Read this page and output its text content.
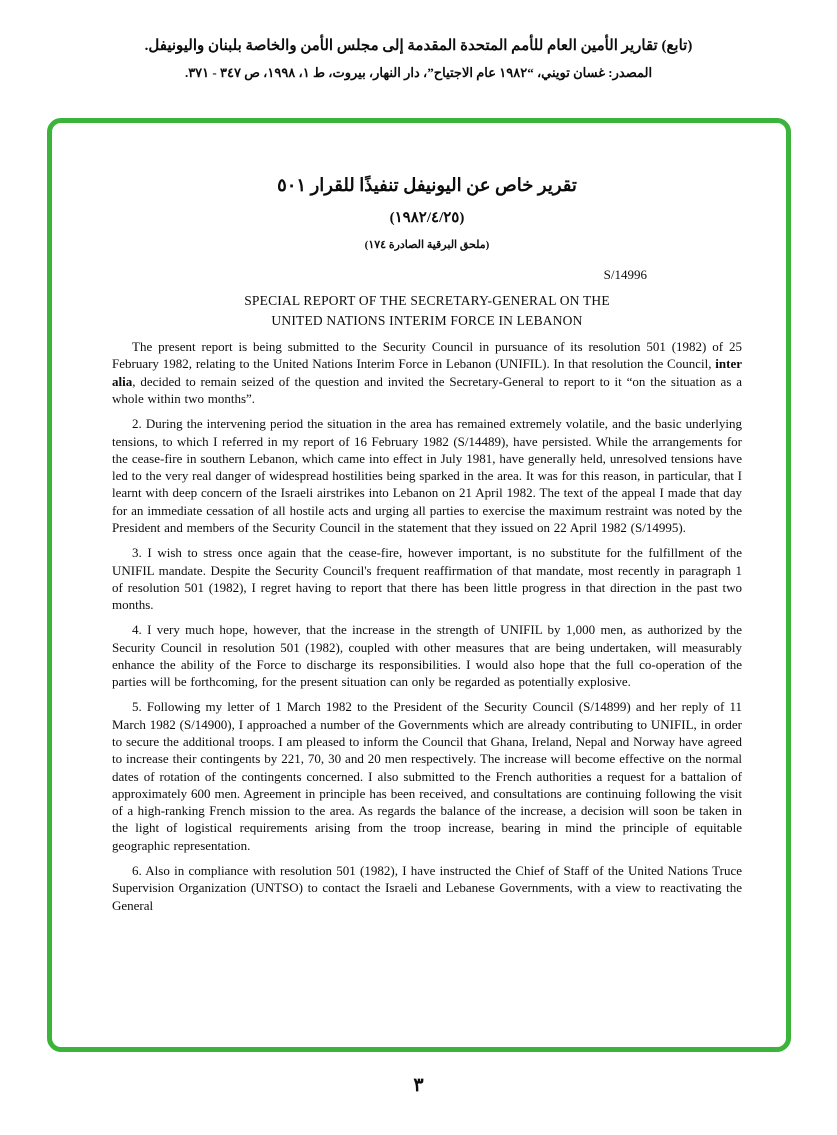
(تابع) تقارير الأمين العام للأمم المتحدة المقدمة إلى مجلس الأمن والخاصة بلبنان واليونيفل.
المصدر: غسان تويني، “١٩٨٢ عام الاجتياح”، دار النهار، بيروت، ط ١، ١٩٩٨، ص ٣٤٧ - ٣٧١.
تقرير خاص عن اليونيفل تنفيذًا للقرار ٥٠١
(١٩٨٢/٤/٢٥)
(ملحق البرقية الصادرة ١٧٤)
S/14996
SPECIAL REPORT OF THE SECRETARY-GENERAL ON THE
UNITED NATIONS INTERIM FORCE IN LEBANON

The present report is being submitted to the Security Council in pursuance of its resolution 501 (1982) of 25 February 1982, relating to the United Nations Interim Force in Lebanon (UNIFIL). In that resolution the Council, inter alia, decided to remain seized of the question and invited the Secretary-General to report to it “on the situation as a whole within two months”.

2. During the intervening period the situation in the area has remained extremely volatile, and the basic underlying tensions, to which I referred in my report of 16 February 1982 (S/14489), have persisted. While the arrangements for the cease-fire in southern Lebanon, which came into effect in July 1981, have generally held, unresolved tensions have led to the very real danger of widespread hostilities being sparked in the area. It was for this reason, in particular, that I learnt with deep concern of the Israeli airstrikes into Lebanon on 21 April 1982. The text of the appeal I made that day for an immediate cessation of all hostile acts and urging all parties to exercise the maximum restraint was noted by the President and members of the Security Council in the statement that they issued on 22 April 1982 (S/14995).

3. I wish to stress once again that the cease-fire, however important, is no substitute for the fulfillment of the UNIFIL mandate. Despite the Security Council's frequent reaffirmation of that mandate, most recently in paragraph 1 of resolution 501 (1982), I regret having to report that there has been little progress in that direction in the past two months.

4. I very much hope, however, that the increase in the strength of UNIFIL by 1,000 men, as authorized by the Security Council in resolution 501 (1982), coupled with other measures that are being undertaken, will measurably enhance the ability of the Force to discharge its responsibilities. I would also hope that the full co-operation of the parties will be forthcoming, for the present situation can only be regarded as potentially explosive.

5. Following my letter of 1 March 1982 to the President of the Security Council (S/14899) and her reply of 11 March 1982 (S/14900), I approached a number of the Governments which are already contributing to UNIFIL, in order to secure the additional troops. I am pleased to inform the Council that Ghana, Ireland, Nepal and Norway have agreed to increase their contingents by 221, 70, 30 and 20 men respectively. The increase will become effective on the normal dates of rotation of the contingents concerned. I also submitted to the French authorities a request for a battalion of approximately 600 men. Agreement in principle has been received, and consultations are continuing following the visit of a high-ranking French mission to the area. As regards the balance of the increase, a decision will soon be taken in the light of logistical requirements arising from the troop increase, bearing in mind the principle of equitable geographic representation.

6. Also in compliance with resolution 501 (1982), I have instructed the Chief of Staff of the United Nations Truce Supervision Organization (UNTSO) to contact the Israeli and Lebanese Governments, with a view to reactivating the General

٣
